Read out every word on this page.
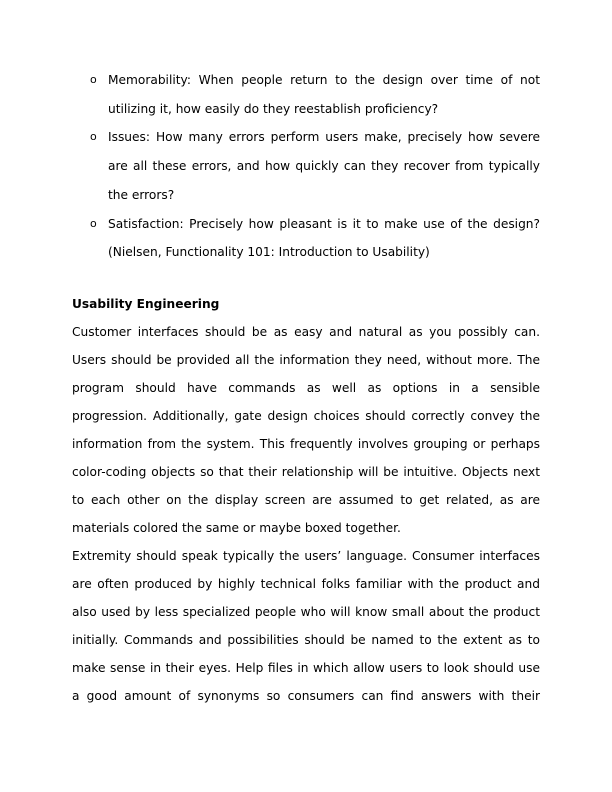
o Memorability: When people return to the design over time of not utilizing it, how easily do they reestablish proficiency?
o Issues: How many errors perform users make, precisely how severe are all these errors, and how quickly can they recover from typically the errors?
o Satisfaction: Precisely how pleasant is it to make use of the design? (Nielsen, Functionality 101: Introduction to Usability)
Usability Engineering

Customer interfaces should be as easy and natural as you possibly can. Users should be provided all the information they need, without more. The program should have commands as well as options in a sensible progression. Additionally, gate design choices should correctly convey the information from the system. This frequently involves grouping or perhaps color-coding objects so that their relationship will be intuitive. Objects next to each other on the display screen are assumed to get related, as are materials colored the same or maybe boxed together.

Extremity should speak typically the users’ language. Consumer interfaces are often produced by highly technical folks familiar with the product and also used by less specialized people who will know small about the product initially. Commands and possibilities should be named to the extent as to make sense in their eyes. Help files in which allow users to look should use a good amount of synonyms so consumers can find answers with their
